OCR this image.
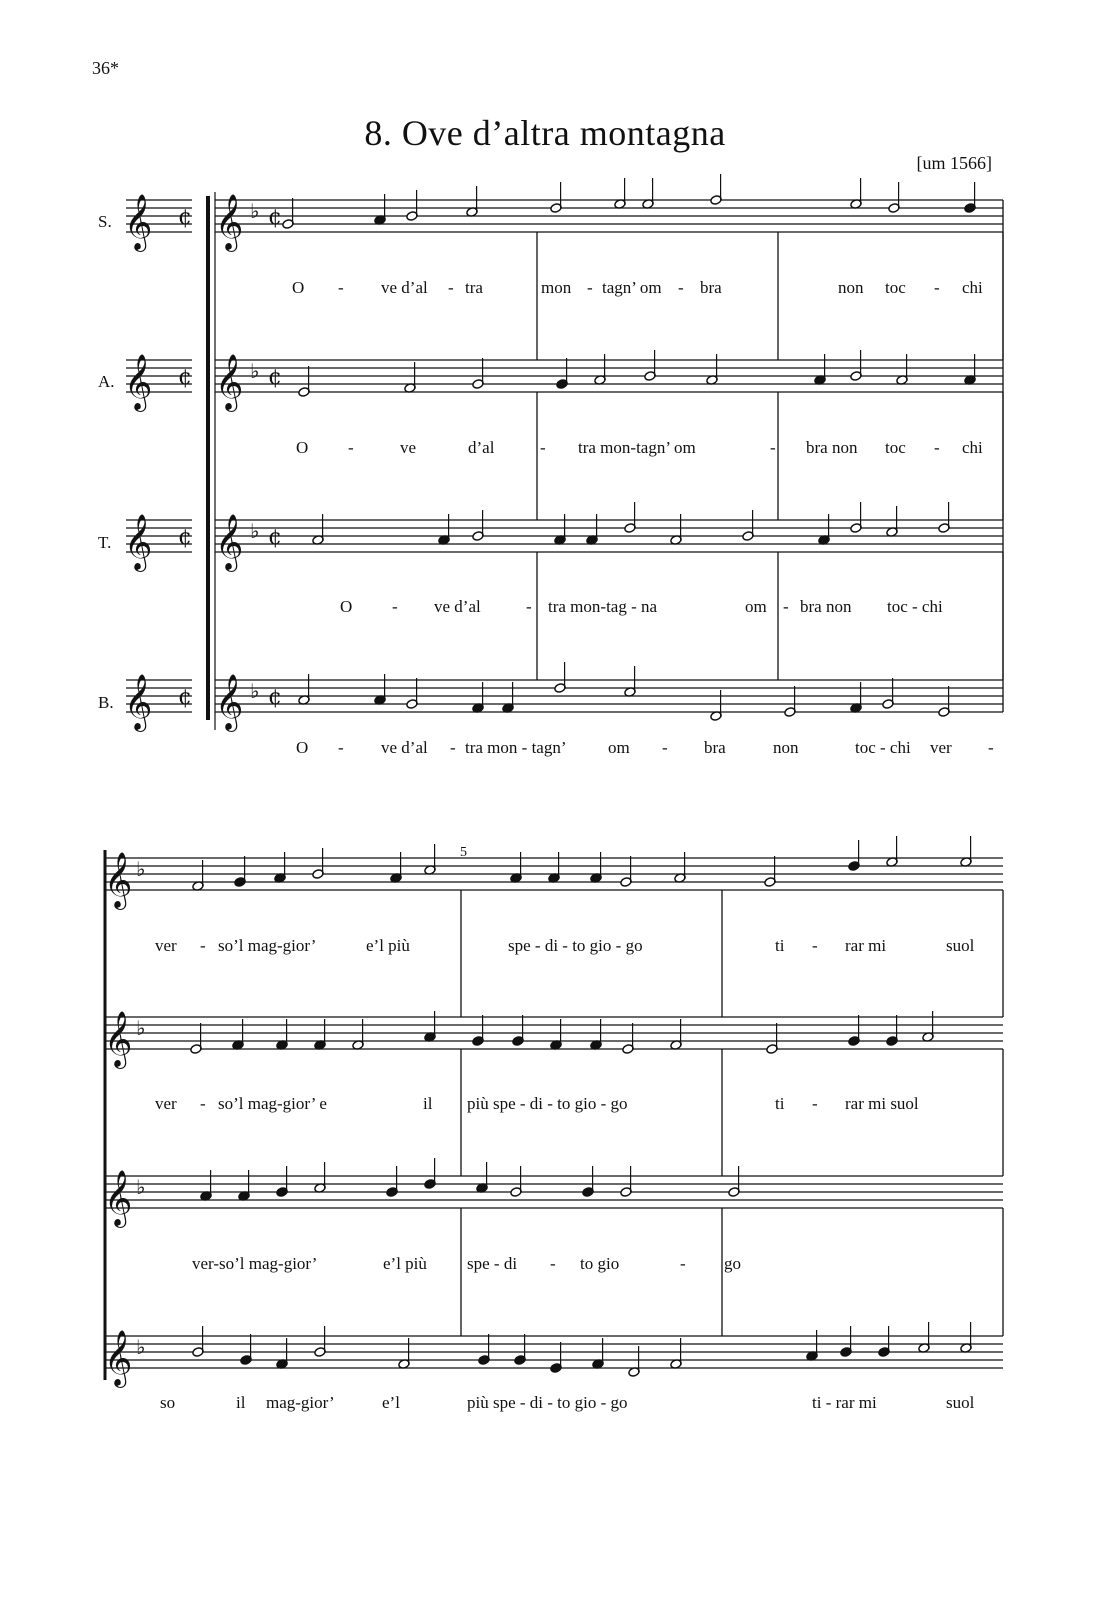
36*
8. Ove d’altra montagna
[um 1566]
S.
A.
T.
B.
5
𝄞 ¢
𝄞 ¢
𝄞 ¢
𝄞 ¢
𝄞 ♭ ¢
𝄞 ♭ ¢
𝄞 ♭ ¢
𝄞 ♭ ¢
𝄞 ♭
𝄞 ♭
𝄞 ♭
𝄞 ♭
O - ve d’al - tra	mon - tagn’ om - bra	non toc - chi
O -	ve	d’al	- tra mon-tagn’ om	- bra non toc - chi
O - ve d’al	- tra mon-tag - na	om - bra non toc - chi
O - ve d’al - tra mon - tagn’ om - bra	non	toc - chi ver -
ver - so’l mag-gior’	e’l più	spe - di - to gio - go	ti - rar mi	suol
ver - so’l mag-gior’ e	il più spe - di - to gio - go	ti - rar mi suol
ver-so’l mag-gior’	e’l più spe - di - to gio	- go
so	il mag-gior’	e’l	più spe - di - to gio - go	ti - rar mi	suol
